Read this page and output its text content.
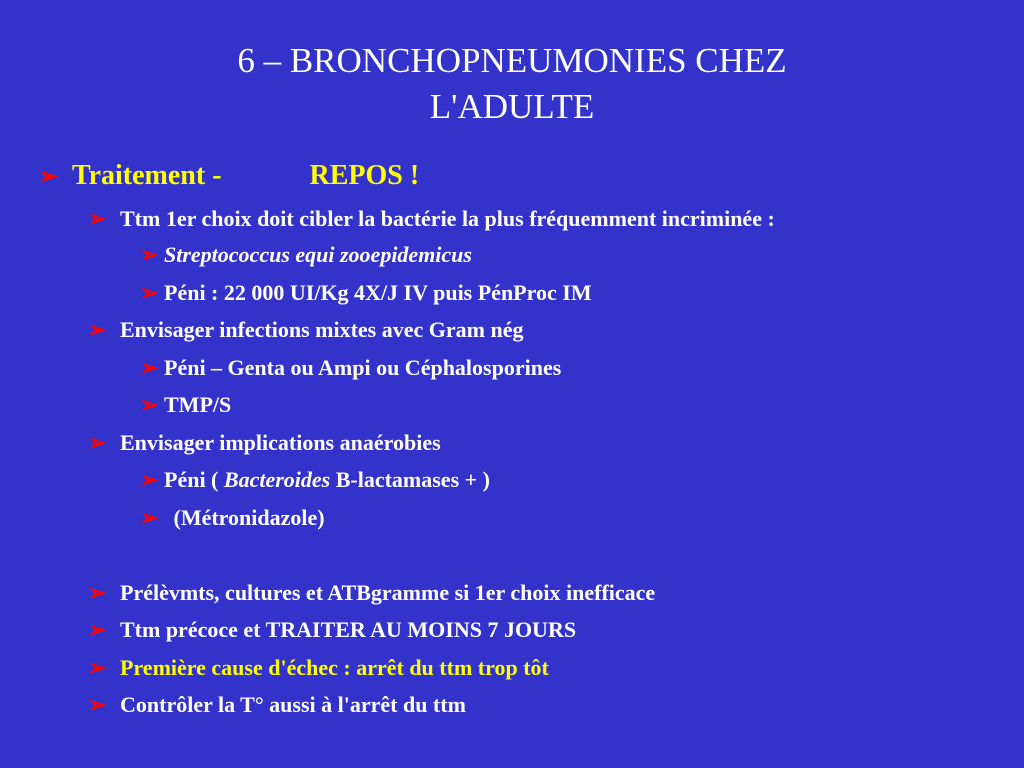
6 – BRONCHOPNEUMONIES CHEZ
L'ADULTE
➢ Traitement -	REPOS !
➢ Ttm 1er choix doit cibler la bactérie la plus fréquemment incriminée :
➢ Streptococcus equi zooepidemicus
➢ Péni : 22 000 UI/Kg 4X/J IV puis PénProc IM
➢ Envisager infections mixtes avec Gram nég
➢ Péni – Genta ou Ampi ou Céphalosporines
➢ TMP/S
➢ Envisager implications anaérobies
➢ Péni ( Bacteroides B-lactamases + )
➢ (Métronidazole)
➢ Prélèvmts, cultures et ATBgramme si 1er choix inefficace
➢ Ttm précoce et TRAITER AU MOINS 7 JOURS
➢ Première cause d'échec : arrêt du ttm trop tôt
➢ Contrôler la T° aussi à l'arrêt du ttm
